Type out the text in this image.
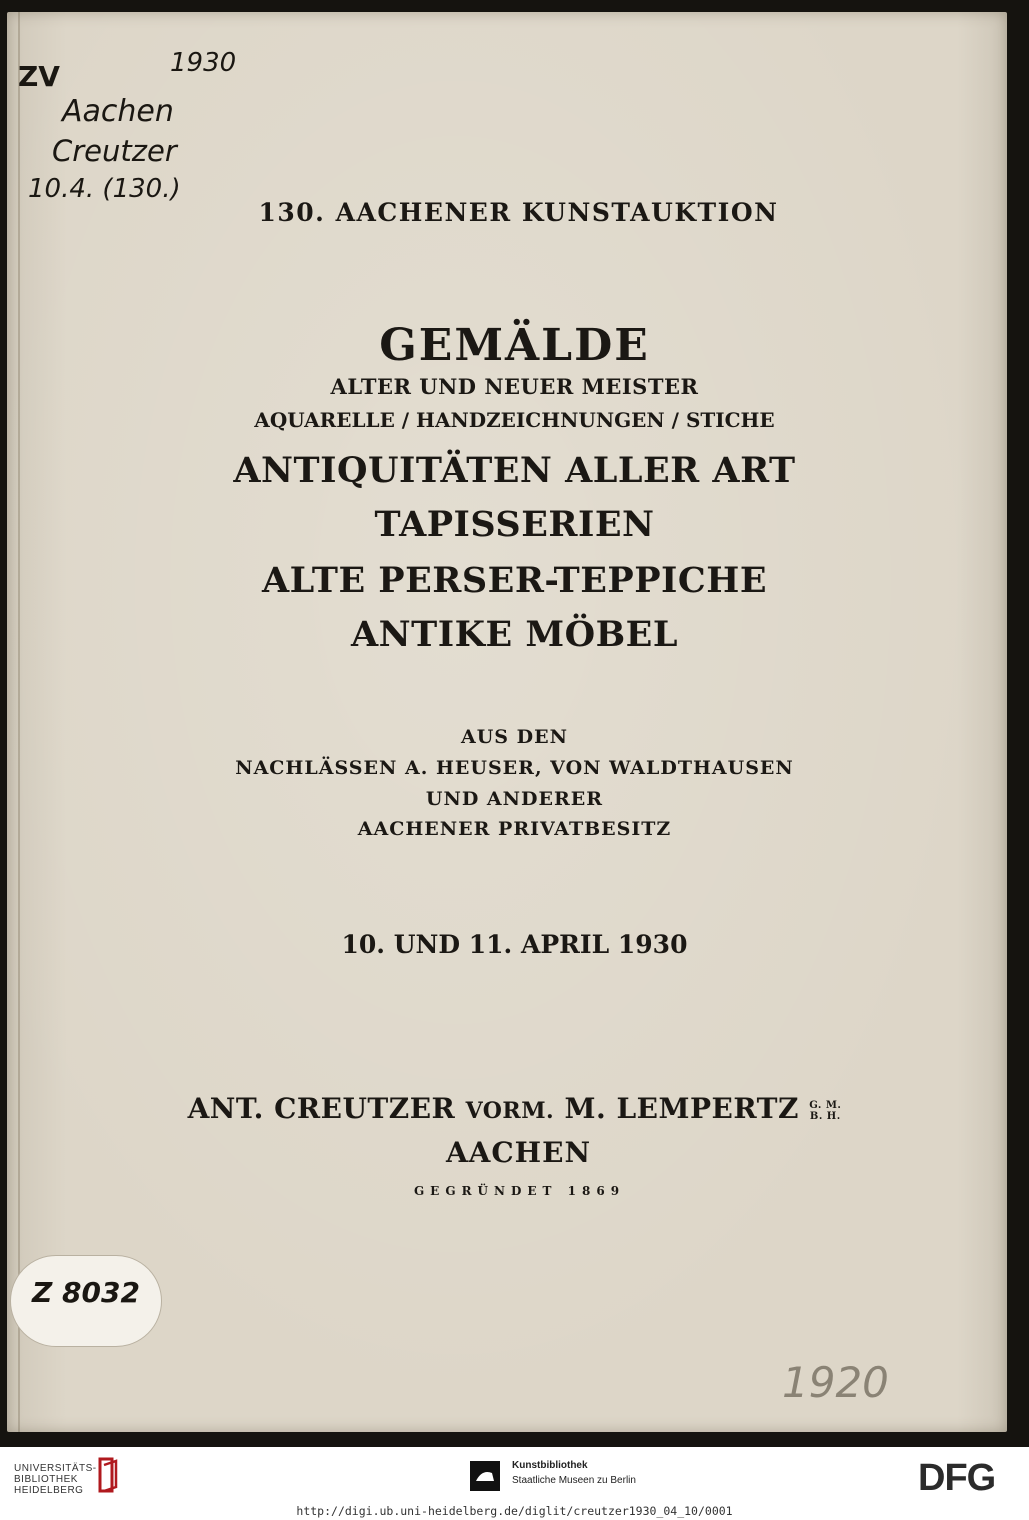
ZV	1930
Aachen
Creutzer
10.4. (130.)
1920
130. AACHENER KUNSTAUKTION
GEMÄLDE
ALTER UND NEUER MEISTER
AQUARELLE / HANDZEICHNUNGEN / STICHE
ANTIQUITÄTEN ALLER ART
TAPISSERIEN
ALTE PERSER-TEPPICHE
ANTIKE MÖBEL
AUS DEN
NACHLÄSSEN A. HEUSER, VON WALDTHAUSEN
UND ANDERER
AACHENER PRIVATBESITZ
10. UND 11. APRIL 1930
ANT. CREUTZER VORM. M. LEMPERTZ G. M.
B. H.
AACHEN
GEGRÜNDET 1869
Z 8032
UNIVERSITÄTS-
BIBLIOTHEK
HEIDELBERG
Kunstbibliothek
Staatliche Museen zu Berlin	DFG
http://digi.ub.uni-heidelberg.de/diglit/creutzer1930_04_10/0001
